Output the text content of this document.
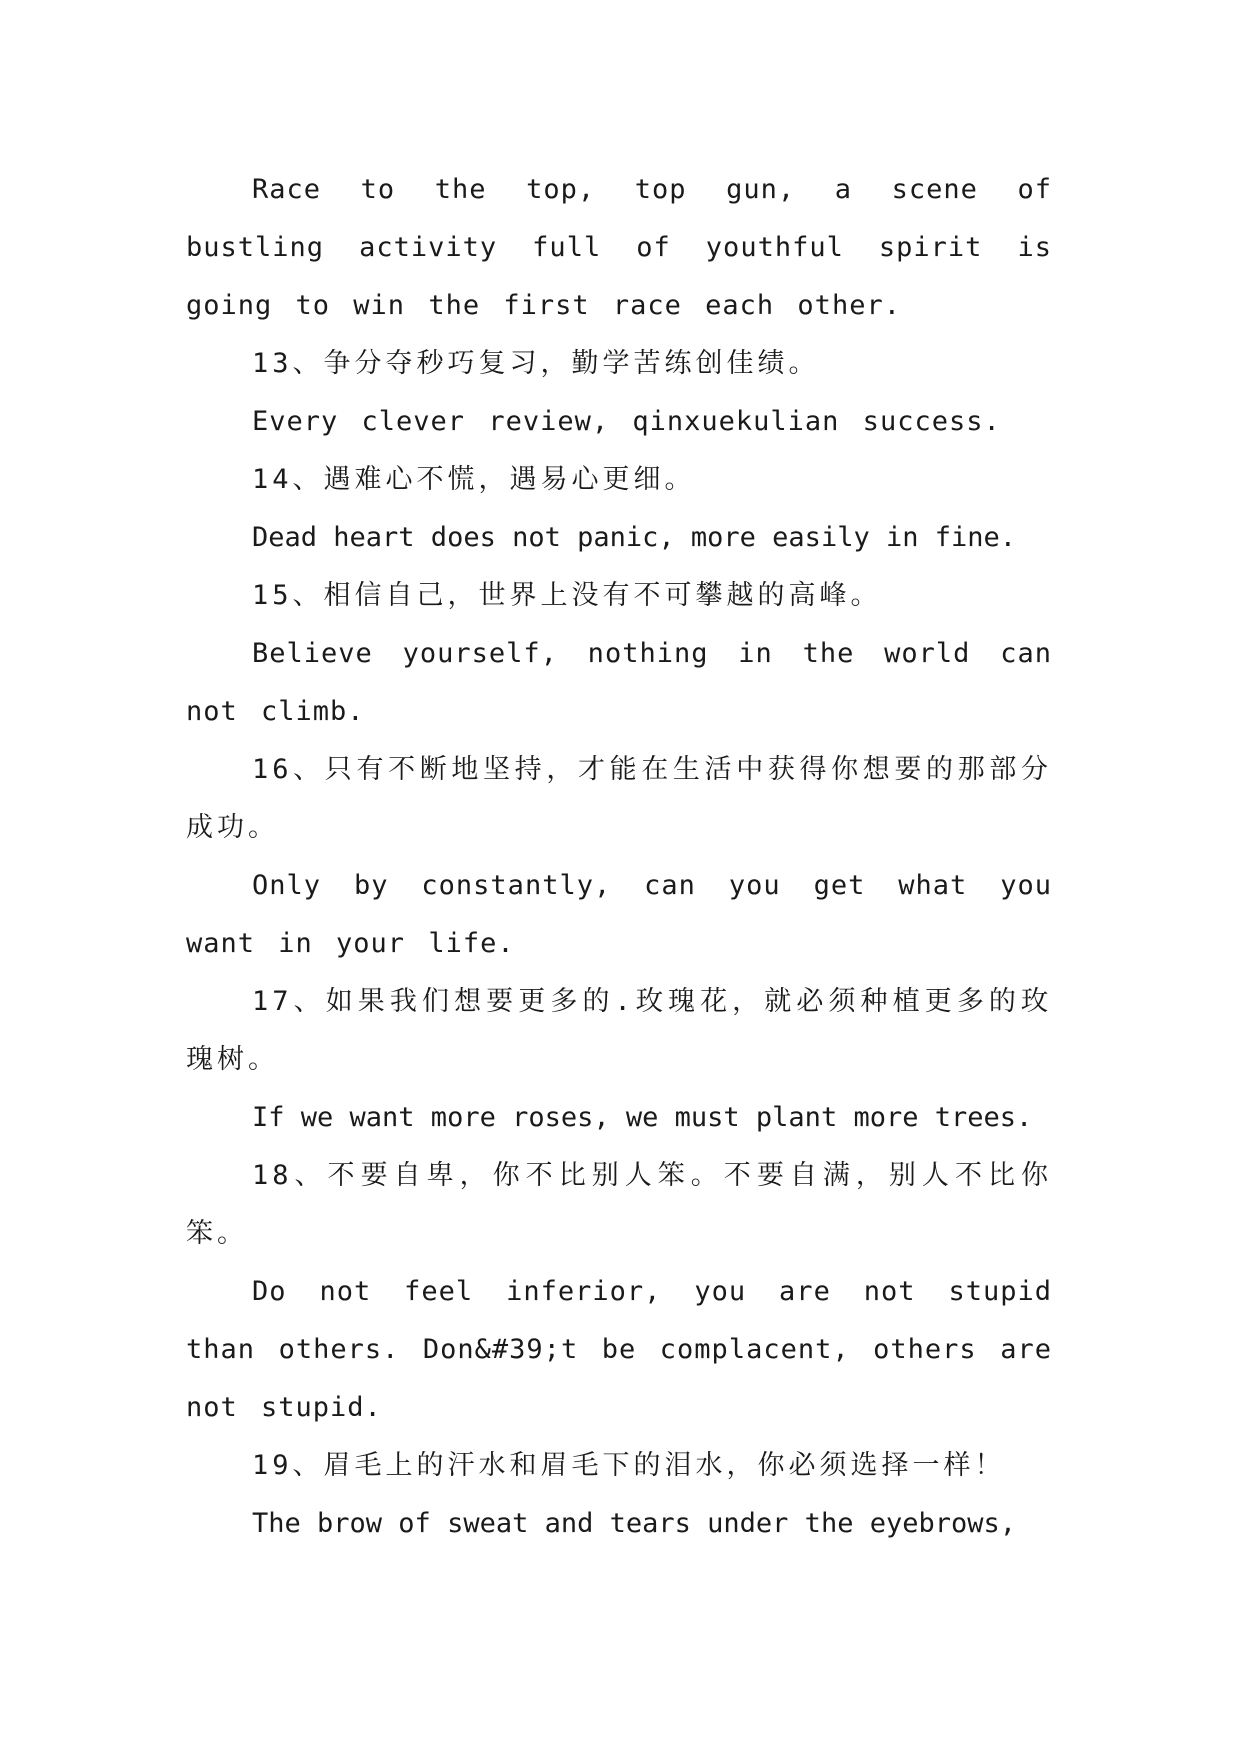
Race to the top, top gun, a scene of bustling activity full of youthful spirit is going to win the first race each other.

13、争分夺秒巧复习，勤学苦练创佳绩。

Every clever review, qinxuekulian success.

14、遇难心不慌，遇易心更细。

Dead heart does not panic, more easily in fine.

15、相信自己，世界上没有不可攀越的高峰。

Believe yourself, nothing in the world can not climb.

16、只有不断地坚持，才能在生活中获得你想要的那部分成功。

Only by constantly, can you get what you want in your life.

17、如果我们想要更多的.玫瑰花，就必须种植更多的玫瑰树。

If we want more roses, we must plant more trees.

18、不要自卑，你不比别人笨。不要自满，别人不比你笨。

Do not feel inferior, you are not stupid than others. Don&#39;t be complacent, others are not stupid.

19、眉毛上的汗水和眉毛下的泪水，你必须选择一样！

The brow of sweat and tears under the eyebrows,
